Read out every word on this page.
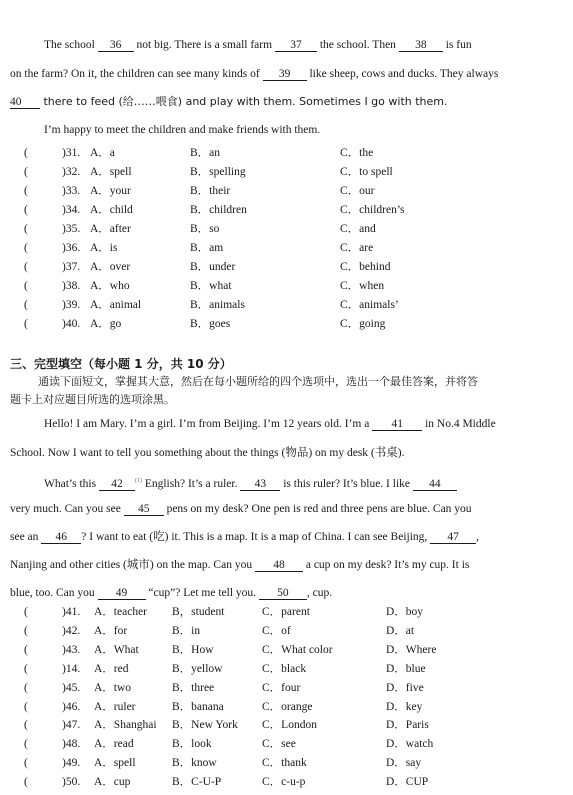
The school 36 not big. There is a small farm 37 the school. Then 38 is fun
on the farm? On it, the children can see many kinds of 39 like sheep, cows and ducks. They always
40 there to feed (给……喂食) and play with them. Sometimes I go with them.
I’m happy to meet the children and make friends with them.
(	)31. A．a	B．an	C．the
(	)32. A．spell	B．spelling	C．to spell
(	)33. A．your	B．their	C．our
(	)34. A．child	B．children	C．children’s
(	)35. A．after	B．so	C．and
(	)36. A．is	B．am	C．are
(	)37. A．over	B．under	C．behind
(	)38. A．who	B．what	C．when
(	)39. A．animal	B．animals	C．animals’
(	)40. A．go	B．goes	C．going
三、完型填空（每小题 1 分，共 10 分）
通读下面短文，掌握其大意，然后在每小题所给的四个选项中，选出一个最佳答案，并将答
题卡上对应题目所选的选项涂黑。
Hello! I am Mary. I’m a girl. I’m from Beijing. I’m 12 years old. I’m a 41 in No.4 Middle
School. Now I want to tell you something about the things (物品) on my desk (书桌).
What’s this 42 $^{(1)}$ English? It’s a ruler. 43 is this ruler? It’s blue. I like 44
very much. Can you see 45 pens on my desk? One pen is red and three pens are blue. Can you
see an 46 ? I want to eat (吃) it. This is a map. It is a map of China. I can see Beijing, 47 ,
Nanjing and other cities (城市) on the map. Can you 48 a cup on my desk? It’s my cup. It is
blue, too. Can you 49 “cup”? Let me tell you. 50 , cup.
(	)41. A．teacher B，student	C．parent	D．boy
(	)42. A．for	B．in	C．of	D．at
(	)43. A．What	B．How	C．What color	D．Where
(	)14. A．red	B．yellow	C．black	D．blue
(	)45. A．two	B．three	C．four	D．five
(	)46. A．ruler	B．banana	C．orange	D．key
(	)47. A．Shanghai B．New York C．London	D．Paris
(	)48. A．read	B．look	C．see	D．watch
(	)49. A．spell	B．know	C．thank	D．say
(	)50. A．cup	B．C-U-P	C．c-u-p	D．CUP
